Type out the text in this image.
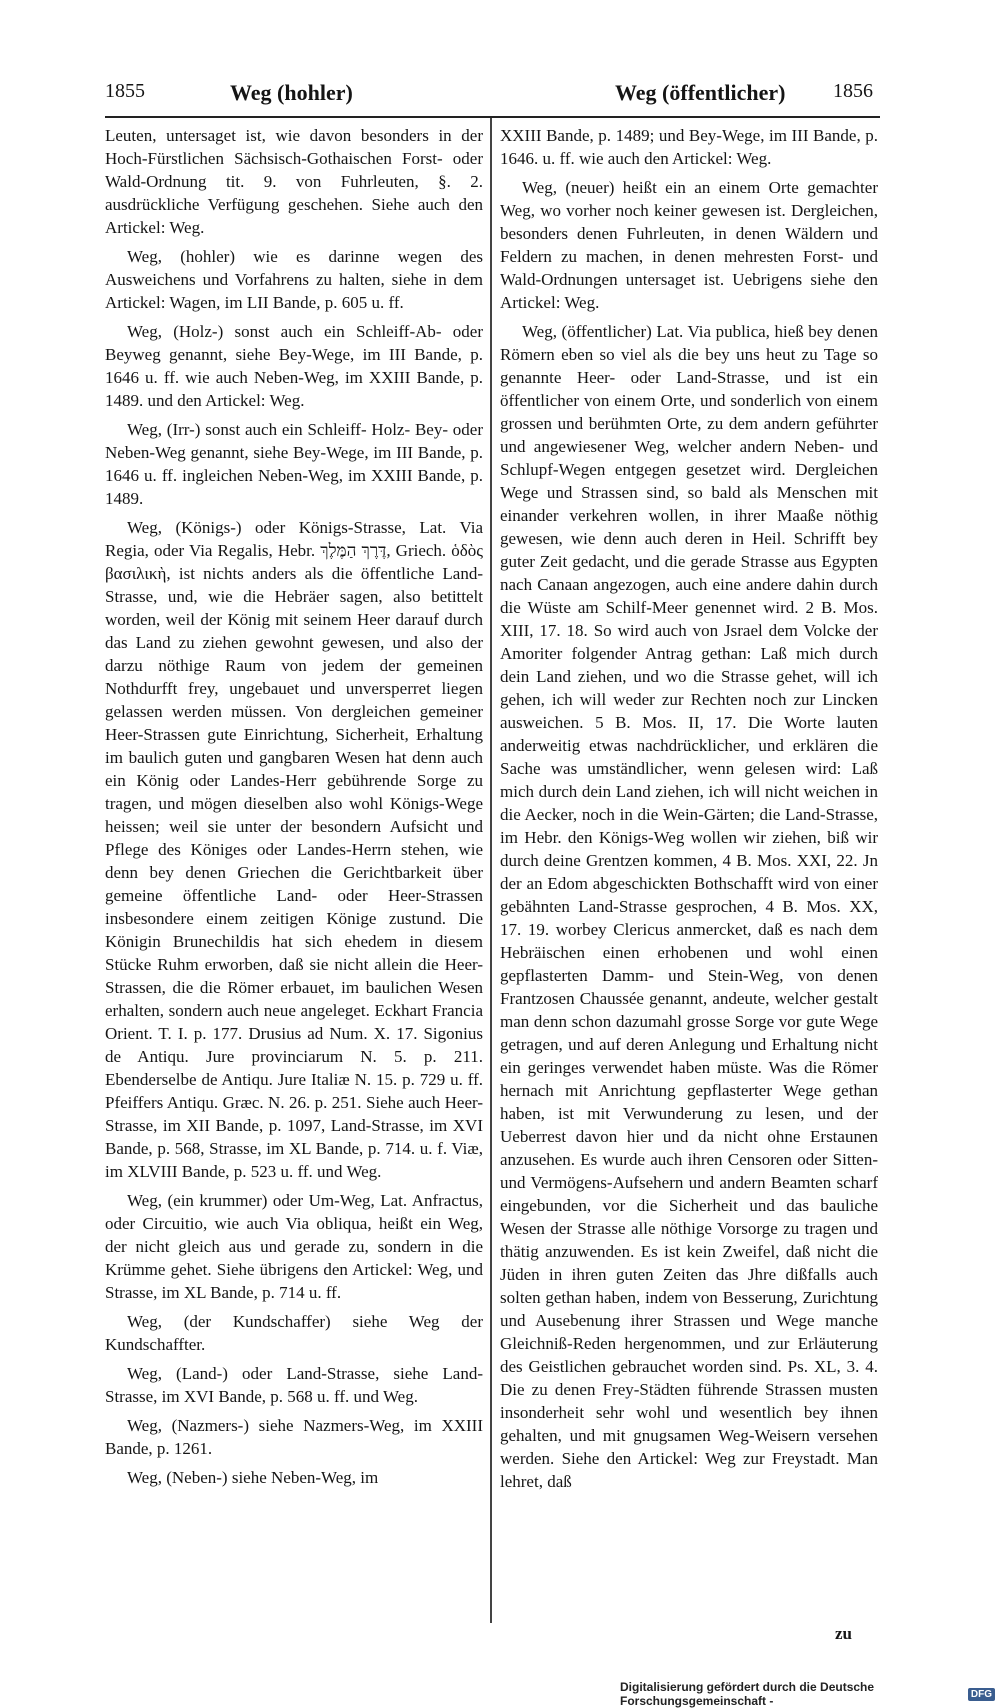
1855	Weg (hohler)	Weg (öffentlicher) 1856

Leuten, untersaget ist, wie davon besonders in der Hoch-Fürstlichen Sächsisch-Gothaischen Forst- oder Wald-Ordnung tit. 9. von Fuhrleuten, §. 2. ausdrückliche Verfügung geschehen. Siehe auch den Artickel: Weg.

Weg, (hohler) wie es darinne wegen des Ausweichens und Vorfahrens zu halten, siehe in dem Artickel: Wagen, im LII Bande, p. 605 u. ff.

Weg, (Holz-) sonst auch ein Schleiff-Ab- oder Beyweg genannt, siehe Bey-Wege, im III Bande, p. 1646 u. ff. wie auch Neben-Weg, im XXIII Bande, p. 1489. und den Artickel: Weg.

Weg, (Irr-) sonst auch ein Schleiff- Holz- Bey- oder Neben-Weg genannt, siehe Bey-Wege, im III Bande, p. 1646 u. ff. ingleichen Neben-Weg, im XXIII Bande, p. 1489.

Weg, (Königs-) oder Königs-Strasse, Lat. Via Regia, oder Via Regalis, Hebr. דֶּרֶךְ הַמֶּלֶךְ, Griech. ὁδὸς βασιλικὴ, ist nichts anders als die öffentliche Land-Strasse, und, wie die Hebräer sagen, also betittelt worden, weil der König mit seinem Heer darauf durch das Land zu ziehen gewohnt gewesen, und also der darzu nöthige Raum von jedem der gemeinen Nothdurfft frey, ungebauet und unversperret liegen gelassen werden müssen. Von dergleichen gemeiner Heer-Strassen gute Einrichtung, Sicherheit, Erhaltung im baulich guten und gangbaren Wesen hat denn auch ein König oder Landes-Herr gebührende Sorge zu tragen, und mögen dieselben also wohl Königs-Wege heissen; weil sie unter der besondern Aufsicht und Pflege des Königes oder Landes-Herrn stehen, wie denn bey denen Griechen die Gerichtbarkeit über gemeine öffentliche Land- oder Heer-Strassen insbesondere einem zeitigen Könige zustund. Die Königin Brunechildis hat sich ehedem in diesem Stücke Ruhm erworben, daß sie nicht allein die Heer-Strassen, die die Römer erbauet, im baulichen Wesen erhalten, sondern auch neue angeleget. Eckhart Francia Orient. T. I. p. 177. Drusius ad Num. X. 17. Sigonius de Antiqu. Jure provinciarum N. 5. p. 211. Ebenderselbe de Antiqu. Jure Italiæ N. 15. p. 729 u. ff. Pfeiffers Antiqu. Græc. N. 26. p. 251. Siehe auch Heer-Strasse, im XII Bande, p. 1097, Land-Strasse, im XVI Bande, p. 568, Strasse, im XL Bande, p. 714. u. f. Viæ, im XLVIII Bande, p. 523 u. ff. und Weg.

Weg, (ein krummer) oder Um-Weg, Lat. Anfractus, oder Circuitio, wie auch Via obliqua, heißt ein Weg, der nicht gleich aus und gerade zu, sondern in die Krümme gehet. Siehe übrigens den Artickel: Weg, und Strasse, im XL Bande, p. 714 u. ff.

Weg, (der Kundschaffer) siehe Weg der Kundschaffter.

Weg, (Land-) oder Land-Strasse, siehe Land-Strasse, im XVI Bande, p. 568 u. ff. und Weg.

Weg, (Nazmers-) siehe Nazmers-Weg, im XXIII Bande, p. 1261.

Weg, (Neben-) siehe Neben-Weg, im

XXIII Bande, p. 1489; und Bey-Wege, im III Bande, p. 1646. u. ff. wie auch den Artickel: Weg.

Weg, (neuer) heißt ein an einem Orte gemachter Weg, wo vorher noch keiner gewesen ist. Dergleichen, besonders denen Fuhrleuten, in denen Wäldern und Feldern zu machen, in denen mehresten Forst- und Wald-Ordnungen untersaget ist. Uebrigens siehe den Artickel: Weg.

Weg, (öffentlicher) Lat. Via publica, hieß bey denen Römern eben so viel als die bey uns heut zu Tage so genannte Heer- oder Land-Strasse, und ist ein öffentlicher von einem Orte, und sonderlich von einem grossen und berühmten Orte, zu dem andern geführter und angewiesener Weg, welcher andern Neben- und Schlupf-Wegen entgegen gesetzet wird. Dergleichen Wege und Strassen sind, so bald als Menschen mit einander verkehren wollen, in ihrer Maaße nöthig gewesen, wie denn auch deren in Heil. Schrifft bey guter Zeit gedacht, und die gerade Strasse aus Egypten nach Canaan angezogen, auch eine andere dahin durch die Wüste am Schilf-Meer genennet wird. 2 B. Mos. XIII, 17. 18. So wird auch von Jsrael dem Volcke der Amoriter folgender Antrag gethan: Laß mich durch dein Land ziehen, und wo die Strasse gehet, will ich gehen, ich will weder zur Rechten noch zur Lincken ausweichen. 5 B. Mos. II, 17. Die Worte lauten anderweitig etwas nachdrücklicher, und erklären die Sache was umständlicher, wenn gelesen wird: Laß mich durch dein Land ziehen, ich will nicht weichen in die Aecker, noch in die Wein-Gärten; die Land-Strasse, im Hebr. den Königs-Weg wollen wir ziehen, biß wir durch deine Grentzen kommen, 4 B. Mos. XXI, 22. Jn der an Edom abgeschickten Bothschafft wird von einer gebähnten Land-Strasse gesprochen, 4 B. Mos. XX, 17. 19. worbey Clericus anmercket, daß es nach dem Hebräischen einen erhobenen und wohl einen gepflasterten Damm- und Stein-Weg, von denen Frantzosen Chaussée genannt, andeute, welcher gestalt man denn schon dazumahl grosse Sorge vor gute Wege getragen, und auf deren Anlegung und Erhaltung nicht ein geringes verwendet haben müste. Was die Römer hernach mit Anrichtung gepflasterter Wege gethan haben, ist mit Verwunderung zu lesen, und der Ueberrest davon hier und da nicht ohne Erstaunen anzusehen. Es wurde auch ihren Censoren oder Sitten- und Vermögens-Aufsehern und andern Beamten scharf eingebunden, vor die Sicherheit und das bauliche Wesen der Strasse alle nöthige Vorsorge zu tragen und thätig anzuwenden. Es ist kein Zweifel, daß nicht die Jüden in ihren guten Zeiten das Jhre dißfalls auch solten gethan haben, indem von Besserung, Zurichtung und Ausebenung ihrer Strassen und Wege manche Gleichniß-Reden hergenommen, und zur Erläuterung des Geistlichen gebrauchet worden sind. Ps. XL, 3. 4. Die zu denen Frey-Städten führende Strassen musten insonderheit sehr wohl und wesentlich bey ihnen gehalten, und mit gnugsamen Weg-Weisern versehen werden. Siehe den Artickel: Weg zur Freystadt. Man lehret, daß

zu
Digitalisierung gefördert durch die Deutsche Forschungsgemeinschaft -	DFG
